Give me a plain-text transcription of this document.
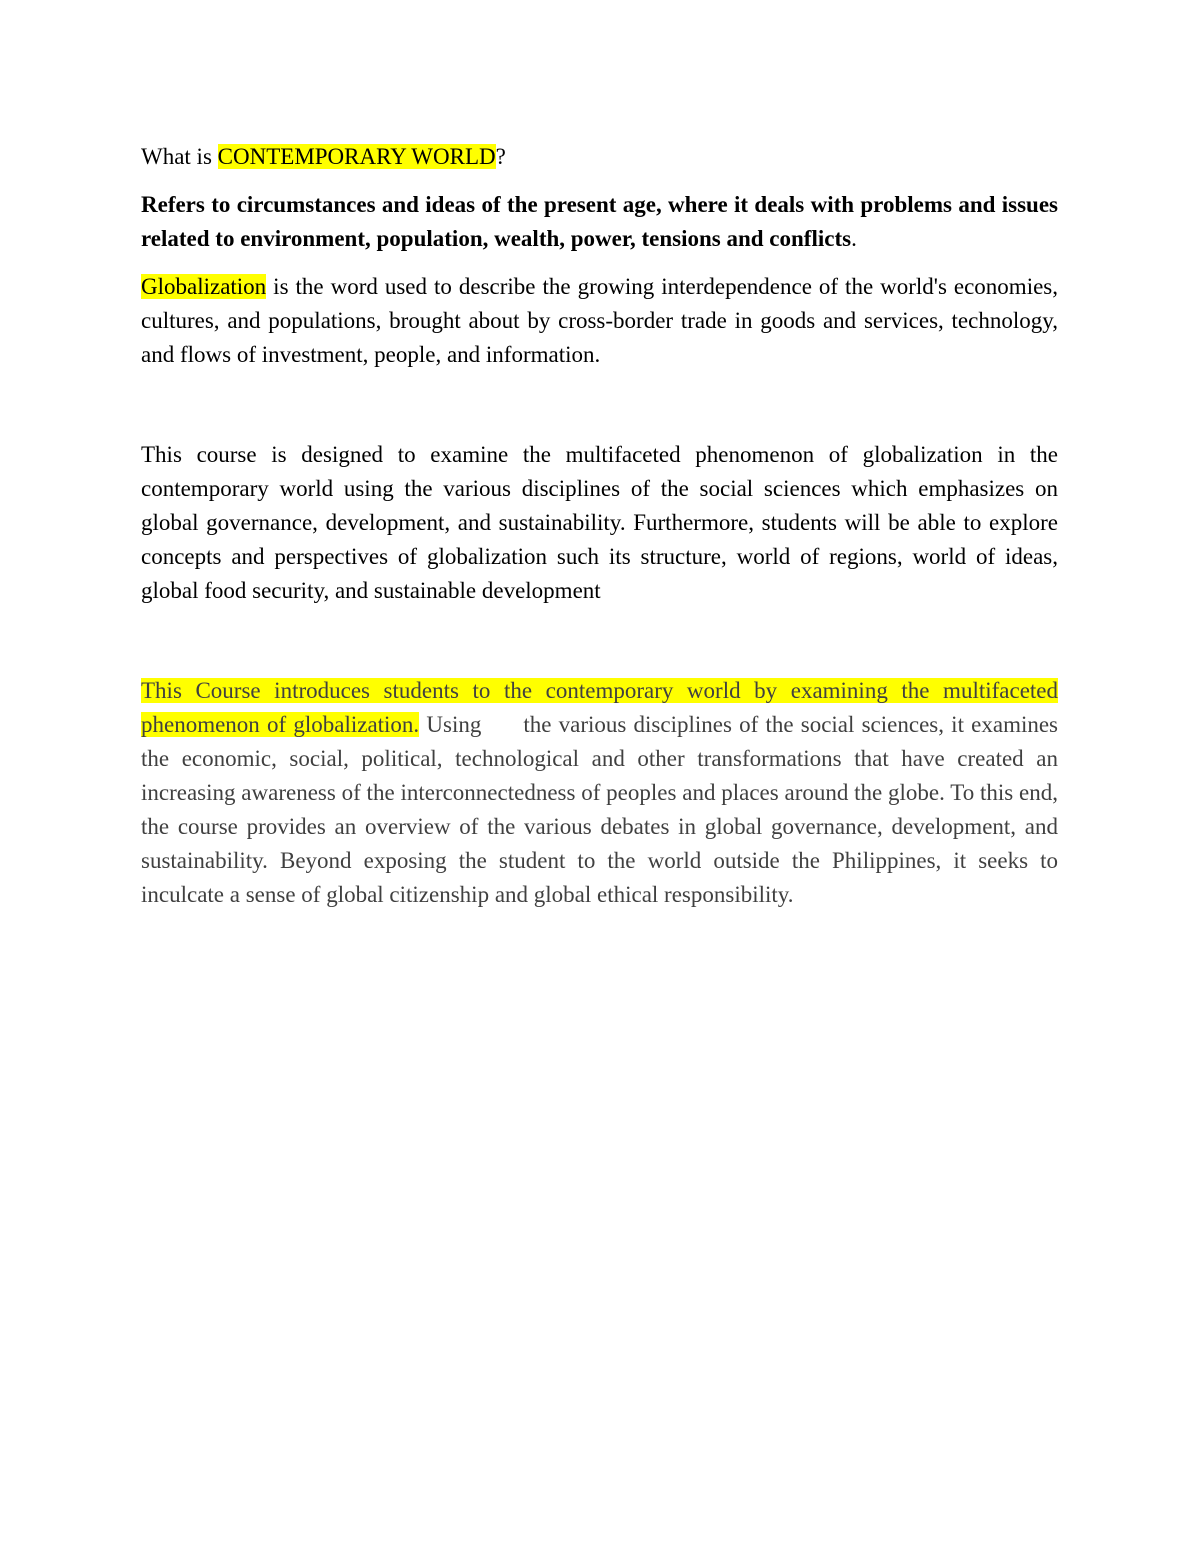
What is CONTEMPORARY WORLD?

Refers to circumstances and ideas of the present age, where it deals with problems and issues related to environment, population, wealth, power, tensions and conflicts.

Globalization is the word used to describe the growing interdependence of the world's economies, cultures, and populations, brought about by cross-border trade in goods and services, technology, and flows of investment, people, and information.

This course is designed to examine the multifaceted phenomenon of globalization in the contemporary world using the various disciplines of the social sciences which emphasizes on global governance, development, and sustainability. Furthermore, students will be able to explore concepts and perspectives of globalization such its structure, world of regions, world of ideas, global food security, and sustainable development

This Course introduces students to the contemporary world by examining the multifaceted phenomenon of globalization. Using the various disciplines of the social sciences, it examines the economic, social, political, technological and other transformations that have created an increasing awareness of the interconnectedness of peoples and places around the globe. To this end, the course provides an overview of the various debates in global governance, development, and sustainability. Beyond exposing the student to the world outside the Philippines, it seeks to inculcate a sense of global citizenship and global ethical responsibility.
